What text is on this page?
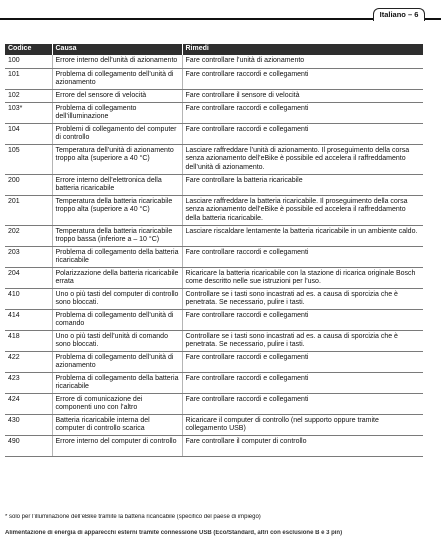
Italiano – 6
Codice	Causa	Rimedi
100	Errore interno dell’unità di azionamento	Fare controllare l’unità di azionamento
101	Problema di collegamento dell’unità di azionamento	Fare controllare raccordi e collegamenti
102	Errore del sensore di velocità	Fare controllare il sensore di velocità
103*	Problema di collegamento dell’illuminazione	Fare controllare raccordi e collegamenti
104	Problemi di collegamento del computer di controllo	Fare controllare raccordi e collegamenti
105	Temperatura dell’unità di azionamento troppo alta (superiore a 40 °C)	Lasciare raffreddare l’unità di azionamento. Il proseguimento della corsa senza azionamento dell’eBike è possibile ed accelera il raffreddamento dell’unità di azionamento.
200	Errore interno dell’elettronica della batteria ricaricabile	Fare controllare la batteria ricaricabile
201	Temperatura della batteria ricaricabile troppo alta (superiore a 40 °C)	Lasciare raffreddare la batteria ricaricabile. Il proseguimento della corsa senza azionamento dell’eBike è possibile ed accelera il raffreddamento della batteria ricaricabile.
202	Temperatura della batteria ricaricabile troppo bassa (inferiore a – 10 °C)	Lasciare riscaldare lentamente la batteria ricaricabile in un ambiente caldo.
203	Problema di collegamento della batteria ricaricabile	Fare controllare raccordi e collegamenti
204	Polarizzazione della batteria ricaricabile errata	Ricaricare la batteria ricaricabile con la stazione di ricarica originale Bosch come descritto nelle sue istruzioni per l’uso.
410	Uno o più tasti del computer di controllo sono bloccati.	Controllare se i tasti sono incastrati ad es. a causa di sporcizia che è penetrata. Se necessario, pulire i tasti.
414	Problema di collegamento dell’unità di comando	Fare controllare raccordi e collegamenti
418	Uno o più tasti dell’unità di comando sono bloccati.	Controllare se i tasti sono incastrati ad es. a causa di sporcizia che è penetrata. Se necessario, pulire i tasti.
422	Problema di collegamento dell’unità di azionamento	Fare controllare raccordi e collegamenti
423	Problema di collegamento della batteria ricaricabile	Fare controllare raccordi e collegamenti
424	Errore di comunicazione dei componenti uno con l’altro	Fare controllare raccordi e collegamenti
430	Batteria ricaricabile interna del computer di controllo scarica	Ricaricare il computer di controllo (nel supporto oppure tramite collegamento USB)
490	Errore interno del computer di controllo	Fare controllare il computer di controllo
* solo per l’illuminazione dell’eBike tramite la batteria ricaricabile (specifico del paese di impiego)
Alimentazione di energia di apparecchi esterni tramite connessione USB (Eco/Standard, altri con esclusione B e 3 pin)
